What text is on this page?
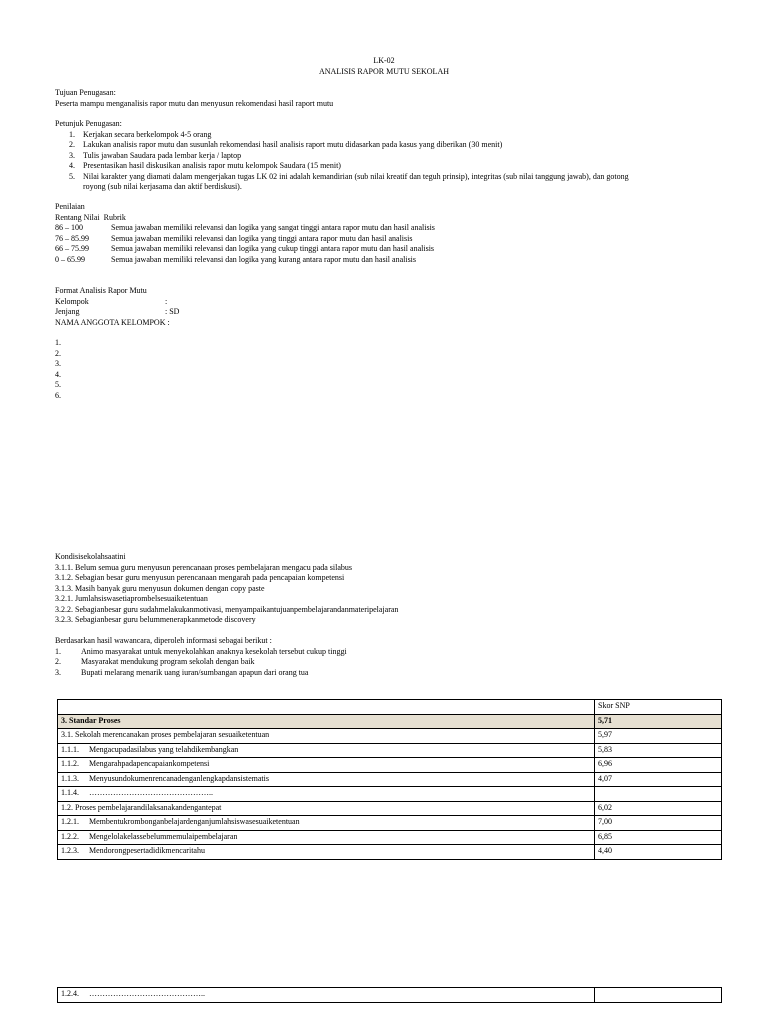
LK-02
ANALISIS RAPOR MUTU SEKOLAH
Tujuan Penugasan:
Peserta mampu menganalisis rapor mutu dan menyusun rekomendasi hasil raport mutu
Petunjuk Penugasan:
1. Kerjakan secara berkelompok 4-5 orang
2. Lakukan analisis rapor mutu dan susunlah rekomendasi hasil analisis raport mutu didasarkan pada kasus yang diberikan (30 menit)
3. Tulis jawaban Saudara pada lembar kerja / laptop
4. Presentasikan hasil diskusikan analisis rapor mutu kelompok Saudara (15 menit)
5. Nilai karakter yang diamati dalam mengerjakan tugas LK 02 ini adalah kemandirian (sub nilai kreatif dan teguh prinsip), integritas (sub nilai tanggung jawab), dan gotong
royong (sub nilai kerjasama dan aktif berdiskusi).
Penilaian
Rentang Nilai
Rubrik
86 – 100	Semua jawaban memiliki relevansi dan logika yang sangat tinggi antara rapor mutu dan hasil analisis
76 – 85.99	Semua jawaban memiliki relevansi dan logika yang tinggi antara rapor mutu dan hasil analisis
66 – 75.99	Semua jawaban memiliki relevansi dan logika yang cukup tinggi antara rapor mutu dan hasil analisis
0 – 65.99	Semua jawaban memiliki relevansi dan logika yang kurang antara rapor mutu dan hasil analisis
Format Analisis Rapor Mutu
Kelompok	:
Jenjang	: SD
NAMA ANGGOTA KELOMPOK :
1.
2.
3.
4.
5.
6.
Kondisisekolahsaatini
3.1.1. Belum semua guru menyusun perencanaan proses pembelajaran mengacu pada silabus
3.1.2. Sebagian besar guru menyusun perencanaan mengarah pada pencapaian kompetensi
3.1.3. Masih banyak guru menyusun dokumen dengan copy paste
3.2.1. Jumlahsiswasetiaprombelsesuaiketentuan
3.2.2. Sebagianbesar guru sudahmelakukanmotivasi, menyampaikantujuanpembelajarandanmateripelajaran
3.2.3. Sebagianbesar guru belummenerapkanmetode discovery
Berdasarkan hasil wawancara, diperoleh informasi sebagai berikut :
1.	Animo masyarakat untuk menyekolahkan anaknya kesekolah tersebut cukup tinggi
2.	Masyarakat mendukung program sekolah dengan baik
3.	Bupati melarang menarik uang iuran/sumbangan apapun dari orang tua
	Skor SNP
3. Standar Proses	5,71
3.1. Sekolah merencanakan proses pembelajaran sesuaiketentuan	5,97
1.1.1. Mengacupadasilabus yang telahdikembangkan	5,83
1.1.2. Mengarahpadapencapaiankompetensi	6,96
1.1.3. Menyusundokumenrencanadenganlengkapdansistematis	4,07
1.1.4. ………………………………………..	
1.2. Proses pembelajarandilaksanakandengantepat	6,02
1.2.1. Membentukrombonganbelajardenganjumlahsiswasesuaiketentuan	7,00
1.2.2. Mengelolakelassebelummemulaipembelajaran	6,85
1.2.3. Mendorongpesertadidikmencaritahu	4,40
1.2.4. ……………………………………..	
